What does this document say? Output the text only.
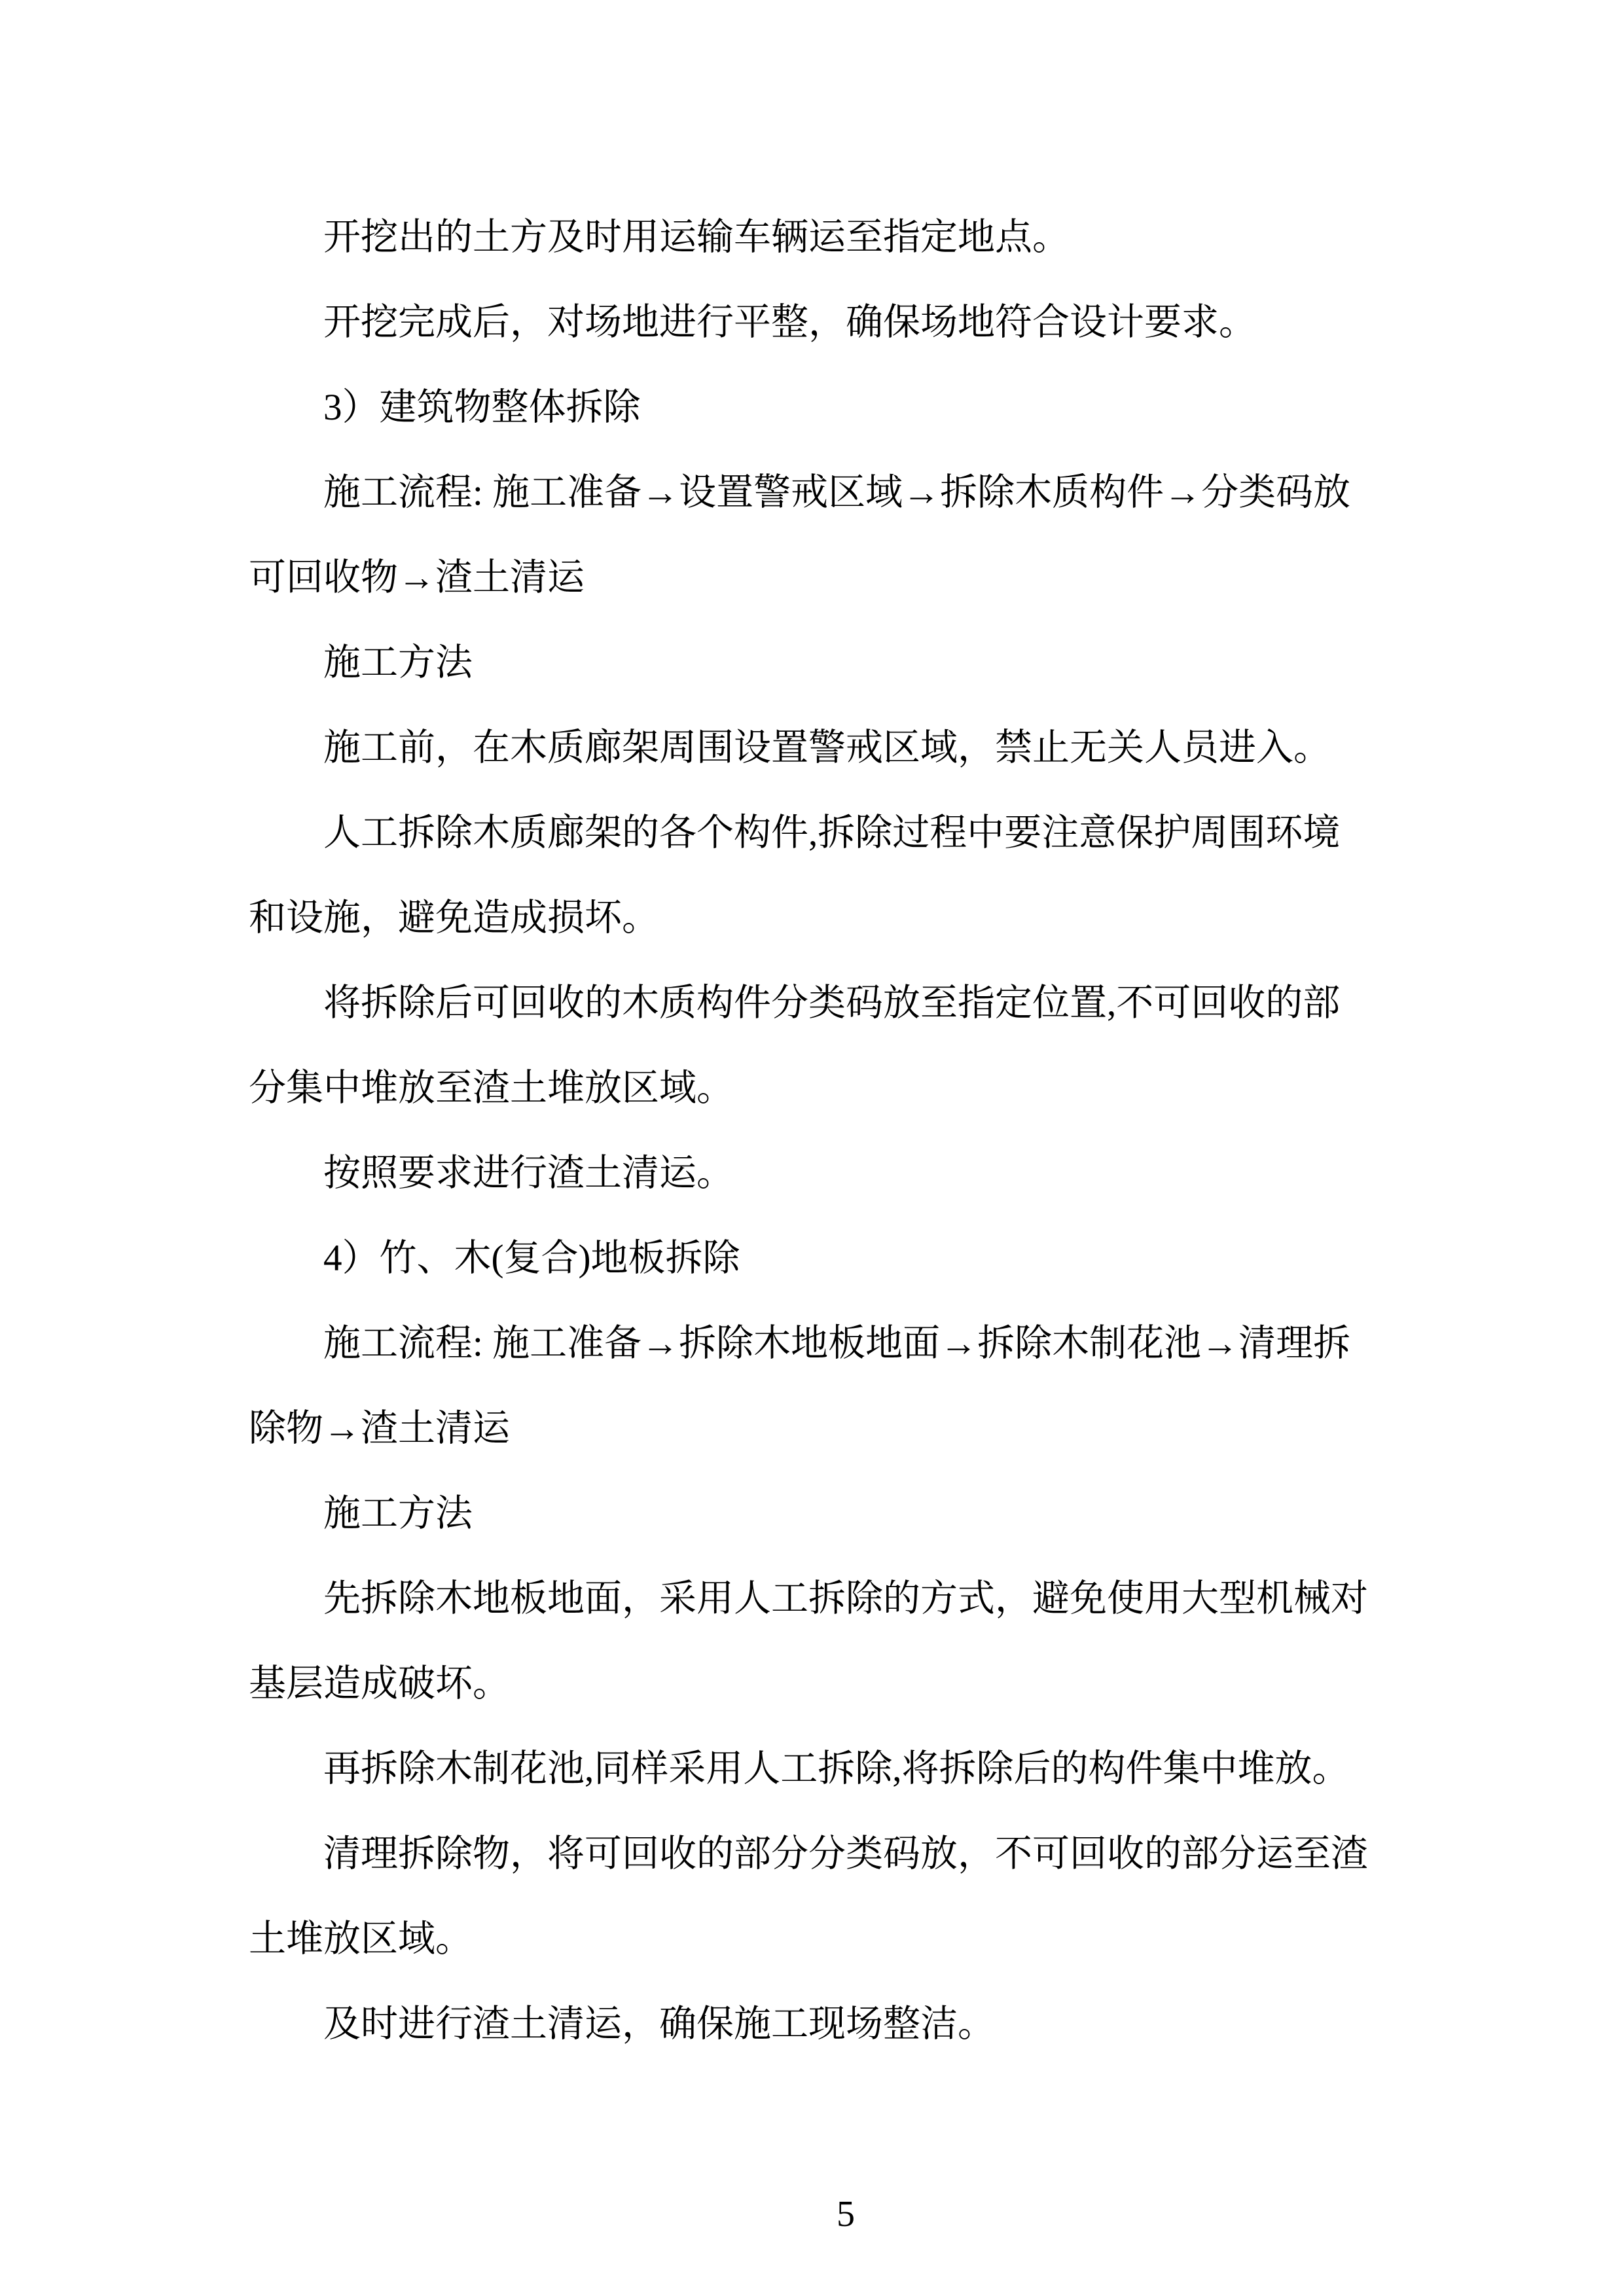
开挖出的土方及时用运输车辆运至指定地点。
开挖完成后，对场地进行平整，确保场地符合设计要求。
3）建筑物整体拆除
施工流程: 施工准备→设置警戒区域→拆除木质构件→分类码放
可回收物→渣土清运
施工方法
施工前，在木质廊架周围设置警戒区域，禁止无关人员进入。
人工拆除木质廊架的各个构件,拆除过程中要注意保护周围环境
和设施，避免造成损坏。
将拆除后可回收的木质构件分类码放至指定位置,不可回收的部
分集中堆放至渣土堆放区域。
按照要求进行渣土清运。
4）竹、木(复合)地板拆除
施工流程: 施工准备→拆除木地板地面→拆除木制花池→清理拆
除物→渣土清运
施工方法
先拆除木地板地面，采用人工拆除的方式，避免使用大型机械对
基层造成破坏。
再拆除木制花池,同样采用人工拆除,将拆除后的构件集中堆放。
清理拆除物，将可回收的部分分类码放，不可回收的部分运至渣
土堆放区域。
及时进行渣土清运，确保施工现场整洁。
5
